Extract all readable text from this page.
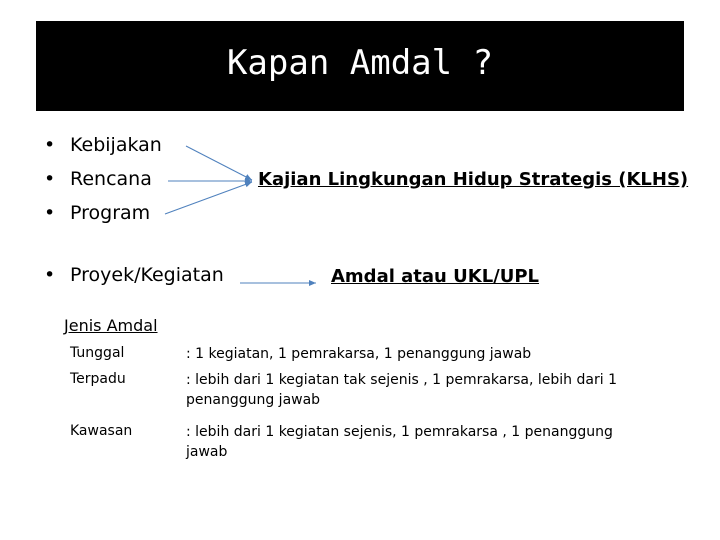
Kapan Amdal ?
• Kebijakan
• Rencana
• Program
• Proyek/Kegiatan
Kajian Lingkungan Hidup Strategis (KLHS)
Amdal atau UKL/UPL
Jenis Amdal
Tunggal	: 1 kegiatan, 1 pemrakarsa, 1 penanggung jawab
Terpadu	: lebih dari 1 kegiatan tak sejenis , 1 pemrakarsa, lebih dari 1 penanggung jawab
Kawasan	: lebih dari 1 kegiatan sejenis, 1 pemrakarsa , 1 penanggung jawab
